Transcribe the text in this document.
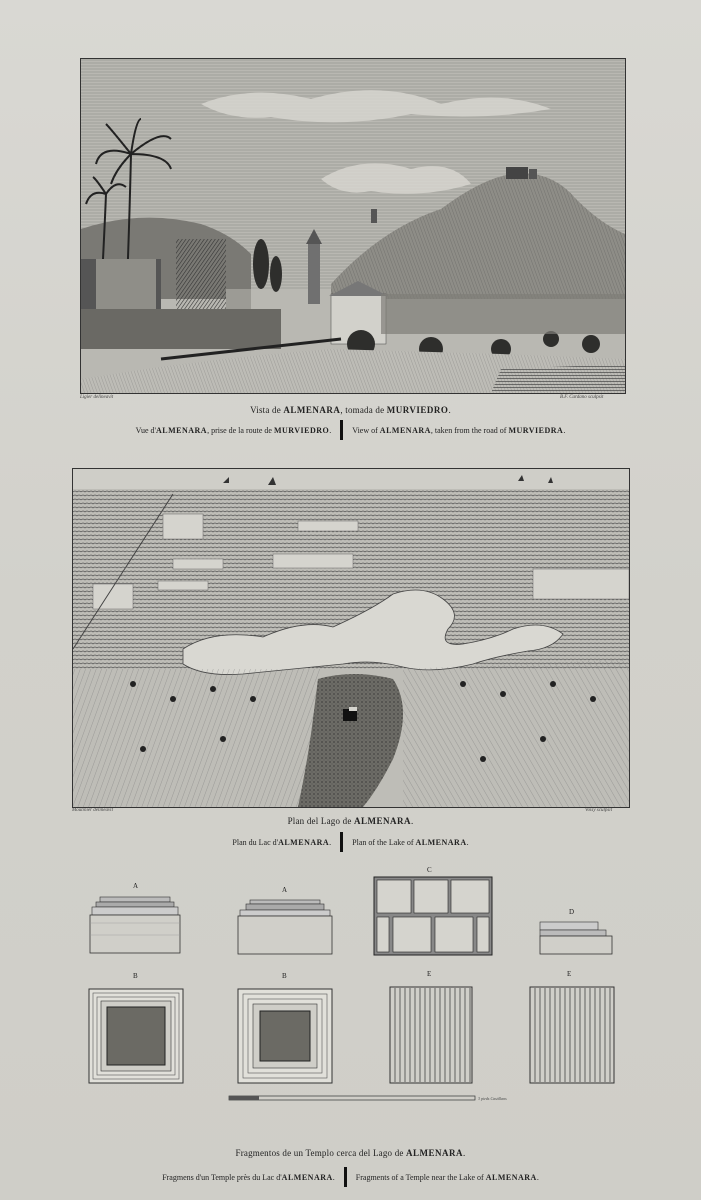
Ligier delineavit	B.F. Cardano sculpsit
Vista de ALMENARA, tomada de MURVIEDRO.
Vue d'ALMENARA, prise de la route de MURVIEDRO.	View of ALMENARA, taken from the road of MURVIEDRA.
Moulinier delineavit	Voisy sculpsit
Plan del Lago de ALMENARA.
Plan du Lac d'ALMENARA.	Plan of the Lake of ALMENARA.
A	A
C
D
B	B	E	E
3 pieds Castillans
Fragmentos de un Templo cerca del Lago de ALMENARA.
Fragmens d'un Temple près du Lac d'ALMENARA.	Fragments of a Temple near the Lake of ALMENARA.
